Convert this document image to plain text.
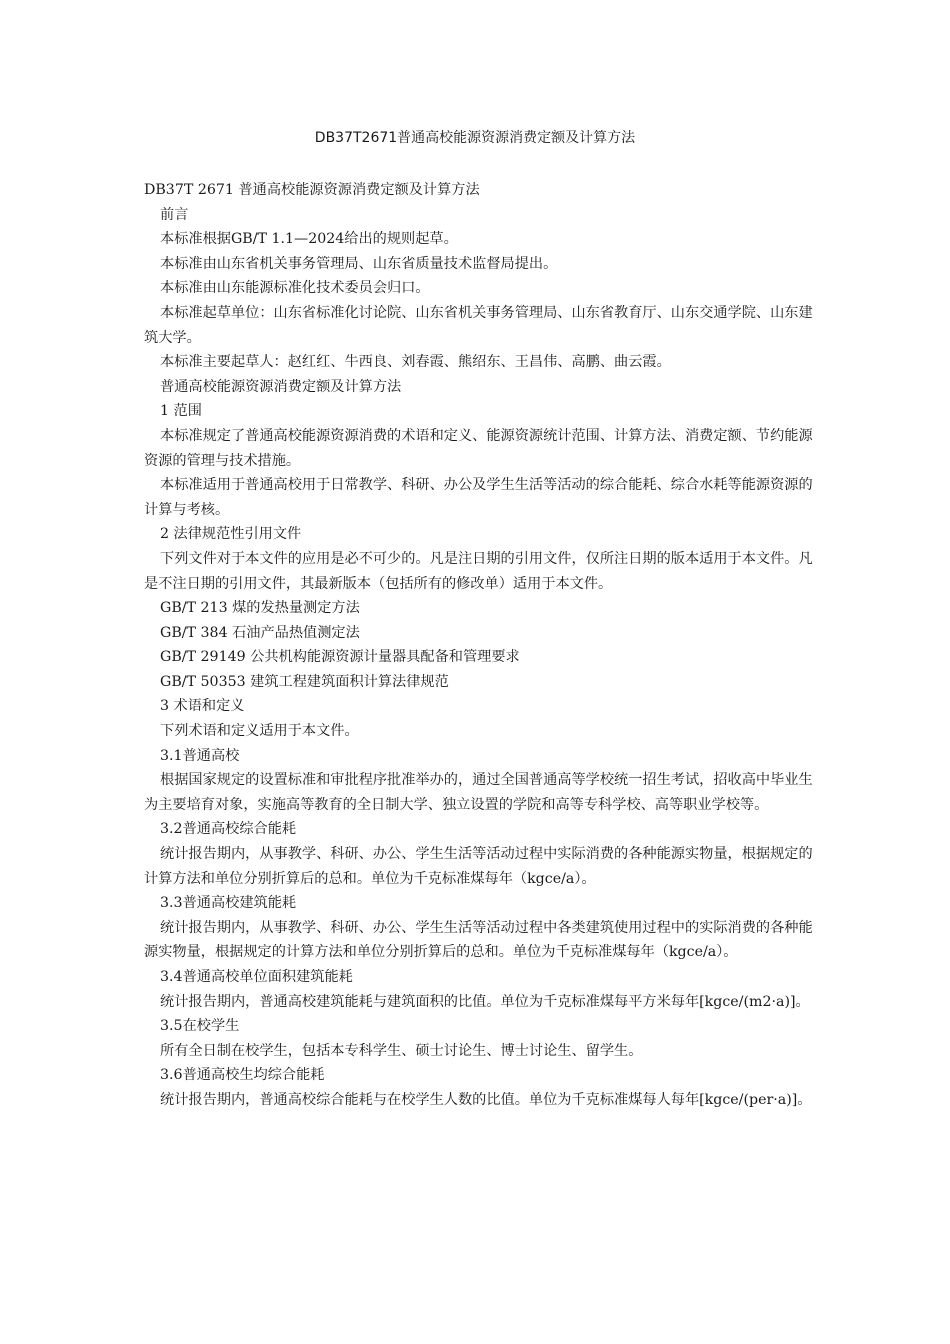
DB37T2671普通高校能源资源消费定额及计算方法

DB37T 2671 普通高校能源资源消费定额及计算方法

前言

本标准根据GB/T 1.1—2024给出的规则起草。

本标准由山东省机关事务管理局、山东省质量技术监督局提出。

本标准由山东能源标准化技术委员会归口。

本标准起草单位：山东省标准化讨论院、山东省机关事务管理局、山东省教育厅、山东交通学院、山东建筑大学。

本标准主要起草人：赵红红、牛西良、刘春霞、熊绍东、王昌伟、高鹏、曲云霞。

普通高校能源资源消费定额及计算方法

1 范围

本标准规定了普通高校能源资源消费的术语和定义、能源资源统计范围、计算方法、消费定额、节约能源资源的管理与技术措施。

本标准适用于普通高校用于日常教学、科研、办公及学生生活等活动的综合能耗、综合水耗等能源资源的计算与考核。

2 法律规范性引用文件

下列文件对于本文件的应用是必不可少的。凡是注日期的引用文件，仅所注日期的版本适用于本文件。凡是不注日期的引用文件，其最新版本（包括所有的修改单）适用于本文件。

GB/T 213 煤的发热量测定方法

GB/T 384 石油产品热值测定法

GB/T 29149 公共机构能源资源计量器具配备和管理要求

GB/T 50353 建筑工程建筑面积计算法律规范

3 术语和定义

下列术语和定义适用于本文件。

3.1普通高校

根据国家规定的设置标准和审批程序批准举办的，通过全国普通高等学校统一招生考试，招收高中毕业生为主要培育对象，实施高等教育的全日制大学、独立设置的学院和高等专科学校、高等职业学校等。

3.2普通高校综合能耗

统计报告期内，从事教学、科研、办公、学生生活等活动过程中实际消费的各种能源实物量，根据规定的计算方法和单位分别折算后的总和。单位为千克标准煤每年（kgce/a）。

3.3普通高校建筑能耗

统计报告期内，从事教学、科研、办公、学生生活等活动过程中各类建筑使用过程中的实际消费的各种能源实物量，根据规定的计算方法和单位分别折算后的总和。单位为千克标准煤每年（kgce/a）。

3.4普通高校单位面积建筑能耗

统计报告期内，普通高校建筑能耗与建筑面积的比值。单位为千克标准煤每平方米每年[kgce/(m2·a)]。

3.5在校学生

所有全日制在校学生，包括本专科学生、硕士讨论生、博士讨论生、留学生。

3.6普通高校生均综合能耗

统计报告期内，普通高校综合能耗与在校学生人数的比值。单位为千克标准煤每人每年[kgce/(per·a)]。
